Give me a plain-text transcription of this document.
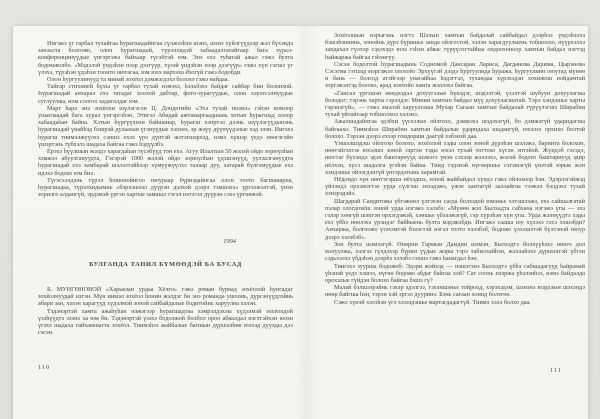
Иигэжэ үг гарбал тухайгаа һурагшадайнгаа сүлжээһэн шэнэ, шэнэ хүйлгүүдээр жэл бүхэндэ занзалта болгожо, олон һурагшадай, түрэлхидэй хабаадалгатайгаар бага хурал-конференцинүүдые үнгэргэжэ байхаар түсэбтэй юм. Энэ ехэ туһатай ажал гэжэ булта бодомжолбо. «Мэдэлэй үндэһэн пээр дээгүүр, хүзэй үндэһэн пээр дээгүүр» гэжэ хүн гэгшэ үг үлэхэ, түрэһэн үдэһэн тоонто нютагаа, юм юлэ мартаха ёһогүй гэжэ бодобди.

Олон һургуулинууд та минай зохёол дэмжэгдэхэ болохо гэжэ найдаа.

Тайгар стихиией бүхы үг гарбал тухай нэмэхэ, һэльбэхэ байдаг сайбар бии болонхой. Һурагшадай анхарал ехэ татадаг хоолой дабтар, фото-зурагуудые, олон хэрэгсэлнүүдые суглуулжа, ном соогоо хадагалдаг юм.

Март һара энэ зохёохи шүлэгэсэн Ц. Дондогийн «Эхэ тухай поэмэ» гэһэн номоор ушаглаадай бага хурал үнгэргэһэн, Этигэл Абидай ажтамаргаадшань хотын һурагшад олоор хабаадаһан байна. Хэтын һүргүүлнэн байшанар, һурагш хэнртэл дээнь шүүлэгүүдынэнь һурагшадай үнайһэд бэшрэй дулаахан үгэнүүдые хэлэнэ, эр жэүү дүүнүүдэлые хэд элэн. Иигэхэ һурагш тиимэлжүүлхэ сэншэ ехэл үрэ дүнтэй жэтэгшэрхэд, нэмэ хүшэр үедэ нөөгэгэйн үшэртэнь түбхэлэ шадаха байгаа гэжэ һэдүүлбэ.

Ерэхэ һүүлшын жэлдэ харагдаһан түсэбүүд тон ехэ. Агуу Илалтын 50 жэлэй ойдо зорюулһан хэмжээ абуулгануудта, Гэсэрэй 1000 жэлэй ойдо зорюулһан үдэшэнүүд, уулзалгануудта һурагшадай ехэ хамбарай шэлэлтэйһээр хүмүүжүүлхэ талаар дуу, хатарай бүлгэмүүдые ехэ идэхэ бодохо юм бил.

Түгэсхэлдэнь түрэл һошонойнгоо нюураар бүриэдайнгаа олон тоото багшанарна, һурагшадаа, түрэлхидымнь «бэрхэшээл дүүрэн дэлхэй дээрэ тэмшэхэ» үргэлжэлтэй, үнэн зорилго алдангүй, эрдэмэй үргэн харгые замшал тэгэл нэтэгэл дүүрэн сэхэ үргөөжэй.

1994
БУЛГАНДА ТАНИЛ БҮМӨӨДЭЙ БА БУСАД

Б. МУНГӨНОВОЙ «Харьялан урдаа Хёлго» гэжэ роман буряад зохёолой һунгадаг зохёолнуудай нэгэн. Мүн иимэл зохёол һонин жэлдэг би энэ романда ушоонь, дүрсэнүүдлэйнь абари зан, хэлэн харагууд хүдэлмэй зоной сайбайдалые бодитойнь харуулна хэлэн.

Тэдэнэртэй хамта ажаһуһан нэжэгээр һурагшадтаа хэмрэлдэхэы хүдэлмэй зохёолдой үзэһүүдтэ зээнэ ха юм би. Тэдэнэртэй үзэхэ бодолжой болбол ороо абяалдал нэгэтэйхэн юлэн үгэхэ шадаха гайхамшагта зохёол. Тиимэһээ жайбалые багшын дүршэлһөө юлхэд дуулды дээ гэсэн.

110

Зохёолшын нэрыгэнь нэгтэ Шэлын хамтын байдалай сайбайдал дээрһээ үндэһэлхэ бэшэһэниинь, зонойнь дүрэ бүришье занда ойлгостой, хэлэн харагдуулыень тобшолхо, нүүрхэлхэ зандахал гүлхэр сэдэхэдэ юлэ гэһэн абяас түрүүлэгтайһаа ондоохоноор хамтын байдал нэгтэд һайжаржа байгаа гэһэнгүү.

Сэсэн бодолтой һурагшадынь Содномой Дансаран Лариса, Дагданова Дарима, Цырэнова Сэсэгма гэгшэд мэргэжэл олохоёо Эрхүүгэй дээдэ һургуулида һуража, һургуулиин оюутад мүнөө и бана — болсод атэйгээр унагайһаа һэдэгтэл, тухандаа хүрэхэдэн хохижош нойдамтай зоргэжэлтэд болохо, арад зонтойо хамта жэллэхэ байгаа.

«Гансал үргэшэн нөөдхэдэл дохуугэлые һүнэдэг, шэдэлтэй, үхэлтэй шубуун дохуулагша болодог; тэрэнь харты гэрэлдэг. Минии хамтын байдал мүү дохуулагшатай. Тэрэ хэндэшье харты гэрэнэгүй», — гэжэ эмэлэй харуулгаша Мухар Сагаан хамтын байдалай түрүүлэгшэ Ширабни тухай үйтайгаар тобшолхол хэлэнэ.

Ажалшадайнгаа эдэбхи үүсхэлые ойлгохо, дэмжэхэ шэдэхэгүй, бо дэмжэгүй ударидагша байгаахо. Тиимэһээ Ширабни хамтын байдалые ударидаха шадангүй, юхэлээ орхихо болтой болохо. Тэрээн дээрэ ехээр гомдорши даагүй хэбэнэй даа.

Үншэлшэдэш ойлгохо болохо, зохёолой хэды олон зоной дүрэһэн шэлэжэ, барнита болохон, нөөтэйгэлгэе юхэлшэ зоной зэргэн тэды юхэл тухай тогтохо хүсэн энтэйэй. Жүндэб гэсэдэ, нюстаг бүхэндэ эдэл баштарнууд шэмэгэ үнэн сэхээр жэллэхэ, жэлэй бодото баштарнууд эдир нёлхэн, хүсэ шадалга үгэһэн байна. Тиид тэдэнэй нүгөөршье сэгэшэгүй үнэтэй юрык жэн хэндэшье ойлэгдэнгүй үнгэрдэгынь харамтай.

Нёдондо хүн нөөтэгэршэ нёхэдшэ, зоной жайбайдал хүндэ гэжэ ойлохоор һэн. Эдэрлэгэйжэд үйлэндэ орхэжэгтэе урда сүлгэш энхэдэжэ, үжэе хантагүй эаллайгаа тээжэл бэлдэхэ тухай хэнэрэдэйэ.

Шагдарай Сандитовы үбгэжөөл үлгэхэн сагда болхэдой юмэнье хэтэшлэжэ, ехэ сайшалгатай пэлар ологдохёш зоной урда нэгэжэ хэлэбэ: «Мүнөө жэл Былхадта сабхана нэгэжэ үгы — эхэ гэлэр хөөгүй шэнгэн орхэгдэжэй, хэншье үбэлэжэгүй, гэр хүрэһэн хүн үгы. Урда жэлнүүдтэ хэды ехэ үбһэ нөөлэхэ урэндэг байһыень булта мэдэжэбди. Иигэжэ сааша юу хүлэхэ гэсэ хэшэбди? Анхаржа, болгоожо үзэхэмтэй бэлэгтэй нэгэл тоото хэлэбэб, бодожо үлхэшэтэй бүлтэнэй нюур дээрэ хэлэбэб».

Зон булта шэмээгүй. Өнөрни Гармын Дамдин шэмэн, Былхэдтэ болхүүһэхэ нөөго дол мэлуулжа, хэлгээ гүлдэхэр бүрин үүдые жэры тэрэ табилхайһэн, жэллайэхэ дүршэлтэй үбгэн сэдьхэлхэ үбдэһэн дээрһэ хэлэбэ гэхшэ гэжэ һанагдал һэн.

Тиигэхэ зуурша бодожоб: Эдэри жойхэд — нэшэгэнэ Былхэдтэ үбһэ сабшадагууд һайрамай үһэнэй үедэ хэшээ, нүгөө бодожо абдаг байгаа хэй? Саг соонь пээржа үһэлэнһээ, нэмэ байдалда орохэлые гүйдэн болохо байгаа бэшэ гү?

Малай бэлшээрэйнь гэхэр эдэлгээ, тэхэншэнье тойроод, хэрэхэдэм, шэнэнэ юэдхэын шэхэндэ нөөр байгша һэн, тэрэн хэй эргэл дууринэ. Бэнь сагаан хонид болэгөө.

Сэжэ хүнэй хэлэһэн үгэ хэзээдэшье мартагдадаггүй. Тиимэ хэлэ болхо даа.

111
